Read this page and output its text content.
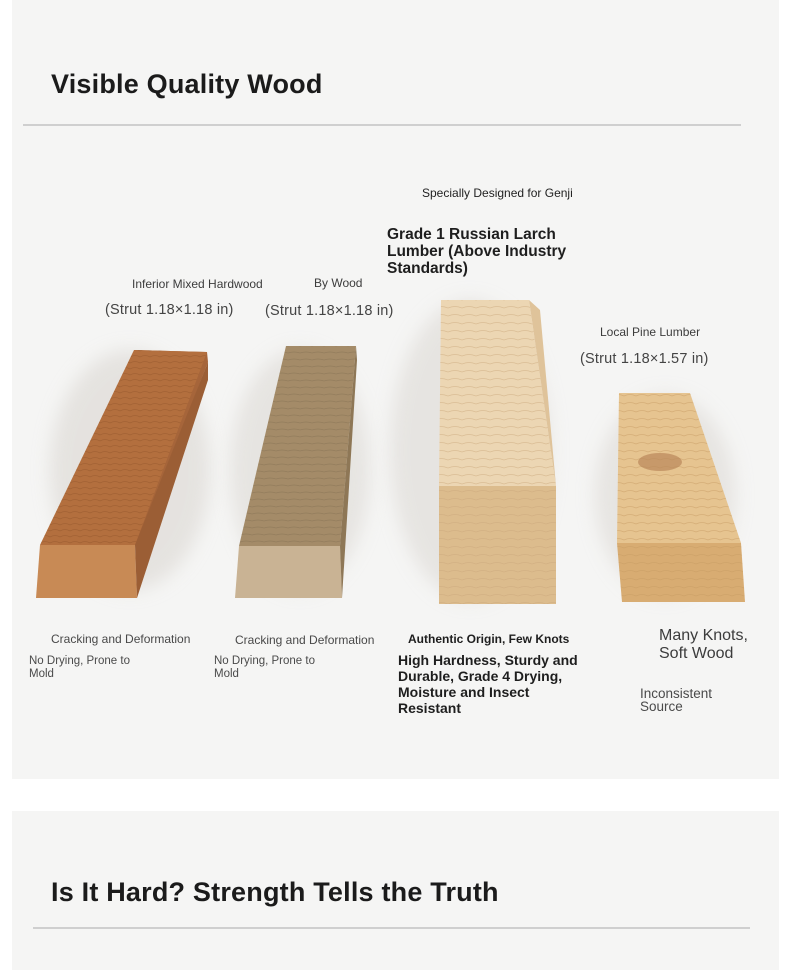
Visible Quality Wood

Inferior Mixed Hardwood

(Strut 1.18×1.18 in)

By Wood

(Strut 1.18×1.18 in)

Specially Designed for Genji

Grade 1 Russian Larch Lumber (Above Industry Standards)

Local Pine Lumber

(Strut 1.18×1.57 in)

Cracking and Deformation

No Drying, Prone to Mold

Cracking and Deformation

No Drying, Prone to Mold

Authentic Origin, Few Knots

High Hardness, Sturdy and Durable, Grade 4 Drying, Moisture and Insect Resistant

Many Knots, Soft Wood

Inconsistent Source

Is It Hard? Strength Tells the Truth
